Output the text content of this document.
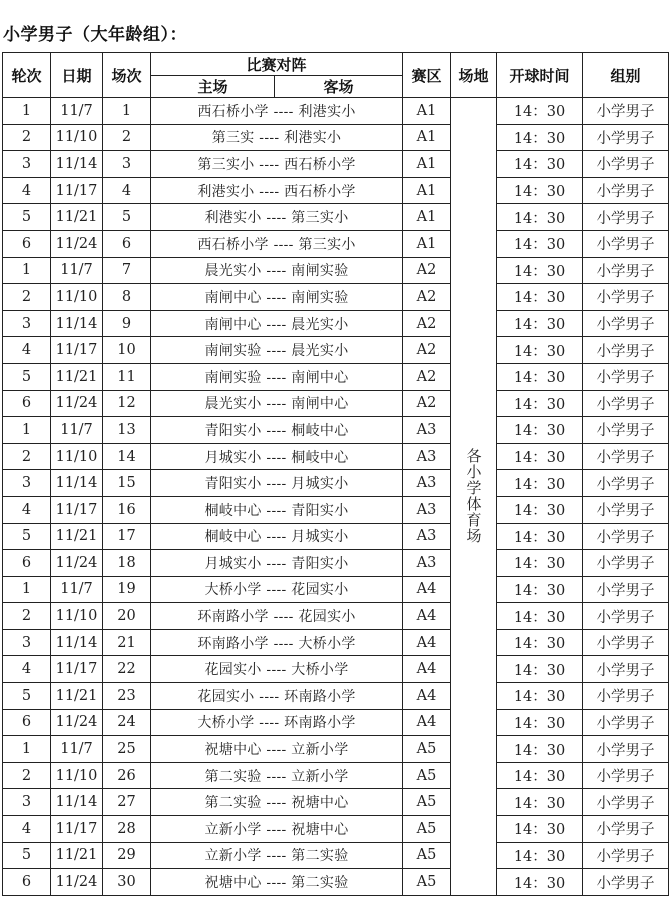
小学男子（大年龄组）：
轮次	日期	场次	比赛对阵		赛区	场地	开球时间	组别
			主场	客场				
1	11/7	1	西石桥小学 ---- 利港实小		A1	各小学体育场	14：30	小学男子
2	11/10	2	第三实 ---- 利港实小		A1		14：30	小学男子
3	11/14	3	第三实小 ---- 西石桥小学		A1		14：30	小学男子
4	11/17	4	利港实小 ---- 西石桥小学		A1		14：30	小学男子
5	11/21	5	利港实小 ---- 第三实小		A1		14：30	小学男子
6	11/24	6	西石桥小学 ---- 第三实小		A1		14：30	小学男子
1	11/7	7	晨光实小 ---- 南闸实验		A2		14：30	小学男子
2	11/10	8	南闸中心 ---- 南闸实验		A2		14：30	小学男子
3	11/14	9	南闸中心 ---- 晨光实小		A2		14：30	小学男子
4	11/17	10	南闸实验 ---- 晨光实小		A2		14：30	小学男子
5	11/21	11	南闸实验 ---- 南闸中心		A2		14：30	小学男子
6	11/24	12	晨光实小 ---- 南闸中心		A2		14：30	小学男子
1	11/7	13	青阳实小 ---- 桐岐中心		A3		14：30	小学男子
2	11/10	14	月城实小 ---- 桐岐中心		A3		14：30	小学男子
3	11/14	15	青阳实小 ---- 月城实小		A3		14：30	小学男子
4	11/17	16	桐岐中心 ---- 青阳实小		A3		14：30	小学男子
5	11/21	17	桐岐中心 ---- 月城实小		A3		14：30	小学男子
6	11/24	18	月城实小 ---- 青阳实小		A3		14：30	小学男子
1	11/7	19	大桥小学 ---- 花园实小		A4		14：30	小学男子
2	11/10	20	环南路小学 ---- 花园实小		A4		14：30	小学男子
3	11/14	21	环南路小学 ---- 大桥小学		A4		14：30	小学男子
4	11/17	22	花园实小 ---- 大桥小学		A4		14：30	小学男子
5	11/21	23	花园实小 ---- 环南路小学		A4		14：30	小学男子
6	11/24	24	大桥小学 ---- 环南路小学		A4		14：30	小学男子
1	11/7	25	祝塘中心 ---- 立新小学		A5		14：30	小学男子
2	11/10	26	第二实验 ---- 立新小学		A5		14：30	小学男子
3	11/14	27	第二实验 ---- 祝塘中心		A5		14：30	小学男子
4	11/17	28	立新小学 ---- 祝塘中心		A5		14：30	小学男子
5	11/21	29	立新小学 ---- 第二实验		A5		14：30	小学男子
6	11/24	30	祝塘中心 ---- 第二实验		A5		14：30	小学男子
